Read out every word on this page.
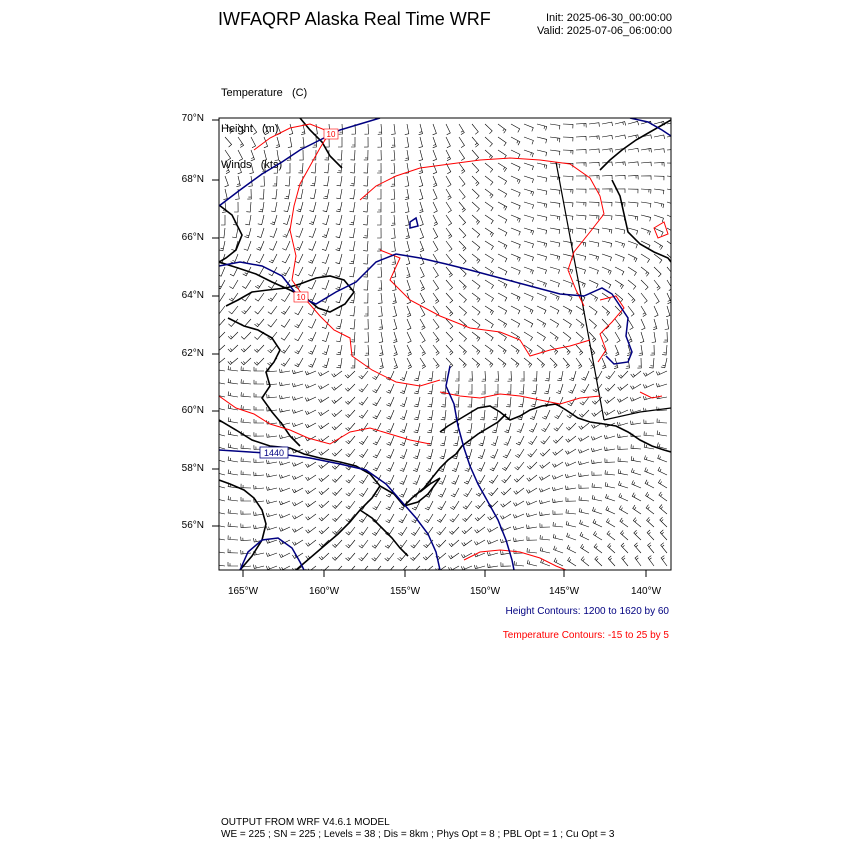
IWFAQRP Alaska Real Time WRF	Init: 2025-06-30_00:00:00
Valid: 2025-07-06_06:00:00

Temperature (C)

Height (m)

Winds (kts)

1440
10
10
70°N
68°N
66°N
64°N
62°N
60°N
58°N
56°N
165°W	160°W	155°W	150°W	145°W	140°W
Height Contours: 1200 to 1620 by 60
Temperature Contours: -15 to 25 by 5
OUTPUT FROM WRF V4.6.1 MODEL
WE = 225 ; SN = 225 ; Levels = 38 ; Dis = 8km ; Phys Opt = 8 ; PBL Opt = 1 ; Cu Opt = 3
